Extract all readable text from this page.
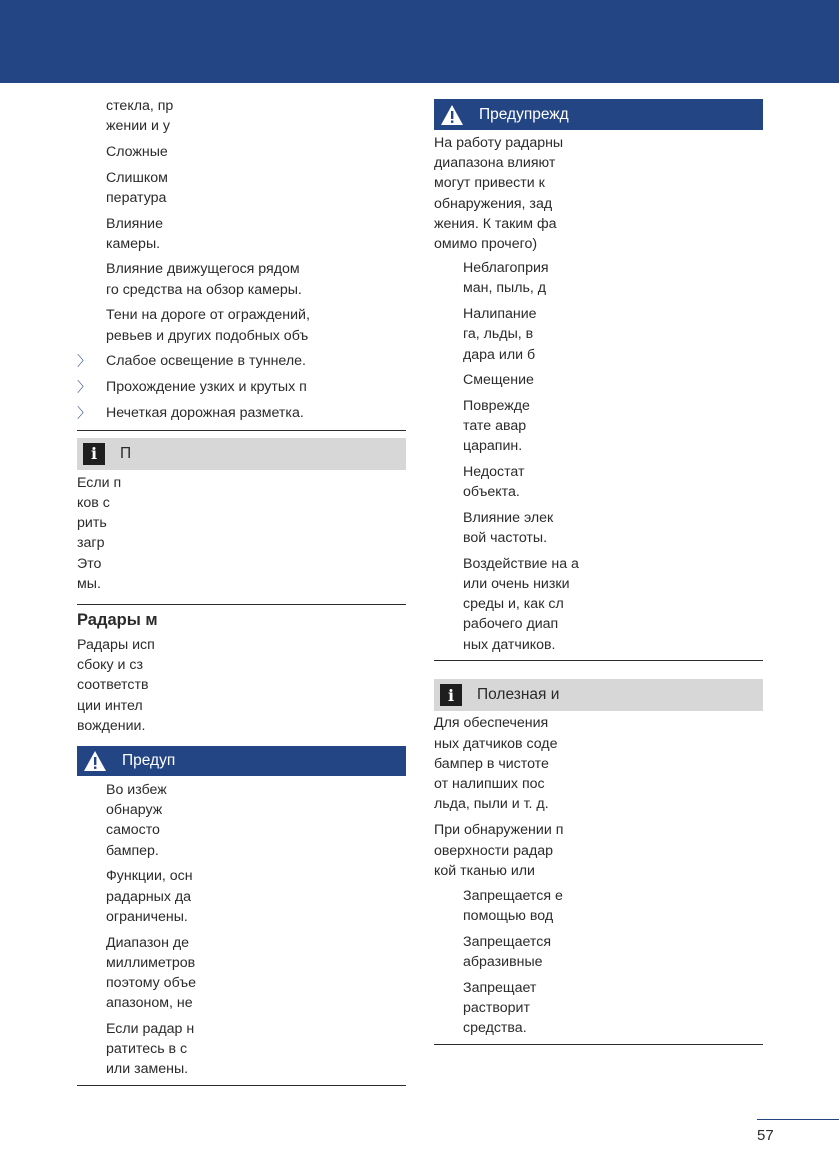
стекла, пр
жении и у
Сложные
Слишком
пература
Влияние
камеры.
Влияние движущегося рядом
го средства на обзор камеры.
Тени на дороге от ограждений,
ревьев и других подобных объ
〉 Слабое освещение в туннеле.
〉 Прохождение узких и крутых п
〉 Нечеткая дорожная разметка.
i	П
Если п
ков с
рить
загр
Это
мы.
Радары м
Радары исп
сбоку и сз
соответств
ции интел
вождении.
Предуп
Во избеж
обнаруж
самосто
бампер.
Функции, осн
радарных да
ограничены.
Диапазон де
миллиметров
поэтому объе
апазоном, не
Если радар н
ратитесь в с
или замены.
Предупрежд
На работу радарны
диапазона влияют
могут привести к
обнаружения, зад
жения. К таким фа
омимо прочего)
Неблагоприя
ман, пыль, д
Налипание
га, льды, в
дара или б
Смещение
Поврежде
тате авар
царапин.
Недостат
объекта.
Влияние элек
вой частоты.
Воздействие на а
или очень низки
среды и, как сл
рабочего диап
ных датчиков.
i	Полезная и
Для обеспечения
ных датчиков соде
бампер в чистоте
от налипших пос
льда, пыли и т. д.
При обнаружении п
оверхности радар
кой тканью или
Запрещается е
помощью вод
Запрещается
абразивные
Запрещает
растворит
средства.
57
